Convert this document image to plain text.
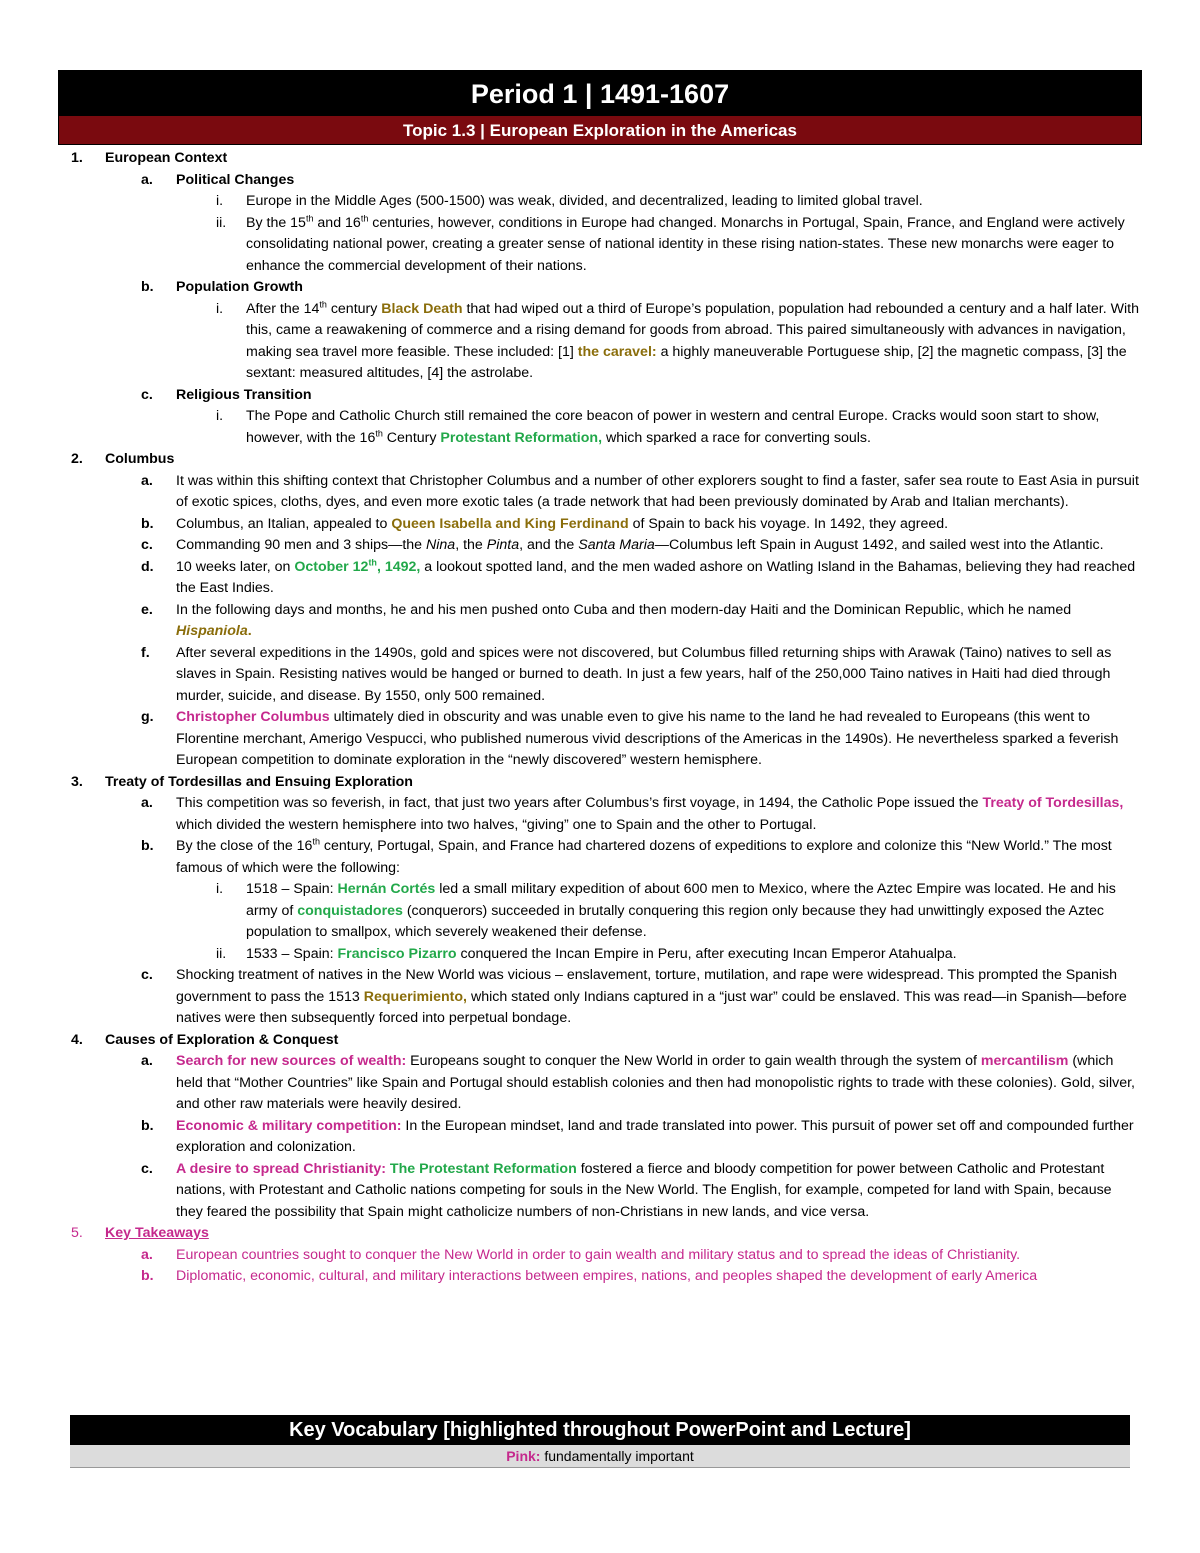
Period 1 | 1491-1607
Topic 1.3 | European Exploration in the Americas
1. European Context
a. Political Changes
i. Europe in the Middle Ages (500-1500) was weak, divided, and decentralized, leading to limited global travel.
ii. By the 15th and 16th centuries, however, conditions in Europe had changed. Monarchs in Portugal, Spain, France, and England were actively consolidating national power, creating a greater sense of national identity in these rising nation-states. These new monarchs were eager to enhance the commercial development of their nations.
b. Population Growth
i. After the 14th century Black Death that had wiped out a third of Europe’s population, population had rebounded a century and a half later. With this, came a reawakening of commerce and a rising demand for goods from abroad. This paired simultaneously with advances in navigation, making sea travel more feasible. These included: [1] the caravel: a highly maneuverable Portuguese ship, [2] the magnetic compass, [3] the sextant: measured altitudes, [4] the astrolabe.
c. Religious Transition
i. The Pope and Catholic Church still remained the core beacon of power in western and central Europe. Cracks would soon start to show, however, with the 16th Century Protestant Reformation, which sparked a race for converting souls.
2. Columbus
a. It was within this shifting context that Christopher Columbus and a number of other explorers sought to find a faster, safer sea route to East Asia in pursuit of exotic spices, cloths, dyes, and even more exotic tales (a trade network that had been previously dominated by Arab and Italian merchants).
b. Columbus, an Italian, appealed to Queen Isabella and King Ferdinand of Spain to back his voyage. In 1492, they agreed.
c. Commanding 90 men and 3 ships—the Nina, the Pinta, and the Santa Maria—Columbus left Spain in August 1492, and sailed west into the Atlantic.
d. 10 weeks later, on October 12th, 1492, a lookout spotted land, and the men waded ashore on Watling Island in the Bahamas, believing they had reached the East Indies.
e. In the following days and months, he and his men pushed onto Cuba and then modern-day Haiti and the Dominican Republic, which he named Hispaniola.
f. After several expeditions in the 1490s, gold and spices were not discovered, but Columbus filled returning ships with Arawak (Taino) natives to sell as slaves in Spain. Resisting natives would be hanged or burned to death. In just a few years, half of the 250,000 Taino natives in Haiti had died through murder, suicide, and disease. By 1550, only 500 remained.
g. Christopher Columbus ultimately died in obscurity and was unable even to give his name to the land he had revealed to Europeans (this went to Florentine merchant, Amerigo Vespucci, who published numerous vivid descriptions of the Americas in the 1490s). He nevertheless sparked a feverish European competition to dominate exploration in the “newly discovered” western hemisphere.
3. Treaty of Tordesillas and Ensuing Exploration
a. This competition was so feverish, in fact, that just two years after Columbus’s first voyage, in 1494, the Catholic Pope issued the Treaty of Tordesillas, which divided the western hemisphere into two halves, “giving” one to Spain and the other to Portugal.
b. By the close of the 16th century, Portugal, Spain, and France had chartered dozens of expeditions to explore and colonize this “New World.” The most famous of which were the following:
i. 1518 – Spain: Hernán Cortés led a small military expedition of about 600 men to Mexico, where the Aztec Empire was located. He and his army of conquistadores (conquerors) succeeded in brutally conquering this region only because they had unwittingly exposed the Aztec population to smallpox, which severely weakened their defense.
ii. 1533 – Spain: Francisco Pizarro conquered the Incan Empire in Peru, after executing Incan Emperor Atahualpa.
c. Shocking treatment of natives in the New World was vicious – enslavement, torture, mutilation, and rape were widespread. This prompted the Spanish government to pass the 1513 Requerimiento, which stated only Indians captured in a “just war” could be enslaved. This was read—in Spanish—before natives were then subsequently forced into perpetual bondage.
4. Causes of Exploration & Conquest
a. Search for new sources of wealth: Europeans sought to conquer the New World in order to gain wealth through the system of mercantilism (which held that “Mother Countries” like Spain and Portugal should establish colonies and then had monopolistic rights to trade with these colonies). Gold, silver, and other raw materials were heavily desired.
b. Economic & military competition: In the European mindset, land and trade translated into power. This pursuit of power set off and compounded further exploration and colonization.
c. A desire to spread Christianity: The Protestant Reformation fostered a fierce and bloody competition for power between Catholic and Protestant nations, with Protestant and Catholic nations competing for souls in the New World. The English, for example, competed for land with Spain, because they feared the possibility that Spain might catholicize numbers of non-Christians in new lands, and vice versa.
5. Key Takeaways
a. European countries sought to conquer the New World in order to gain wealth and military status and to spread the ideas of Christianity.
b. Diplomatic, economic, cultural, and military interactions between empires, nations, and peoples shaped the development of early America
Key Vocabulary [highlighted throughout PowerPoint and Lecture]
Pink: fundamentally important
